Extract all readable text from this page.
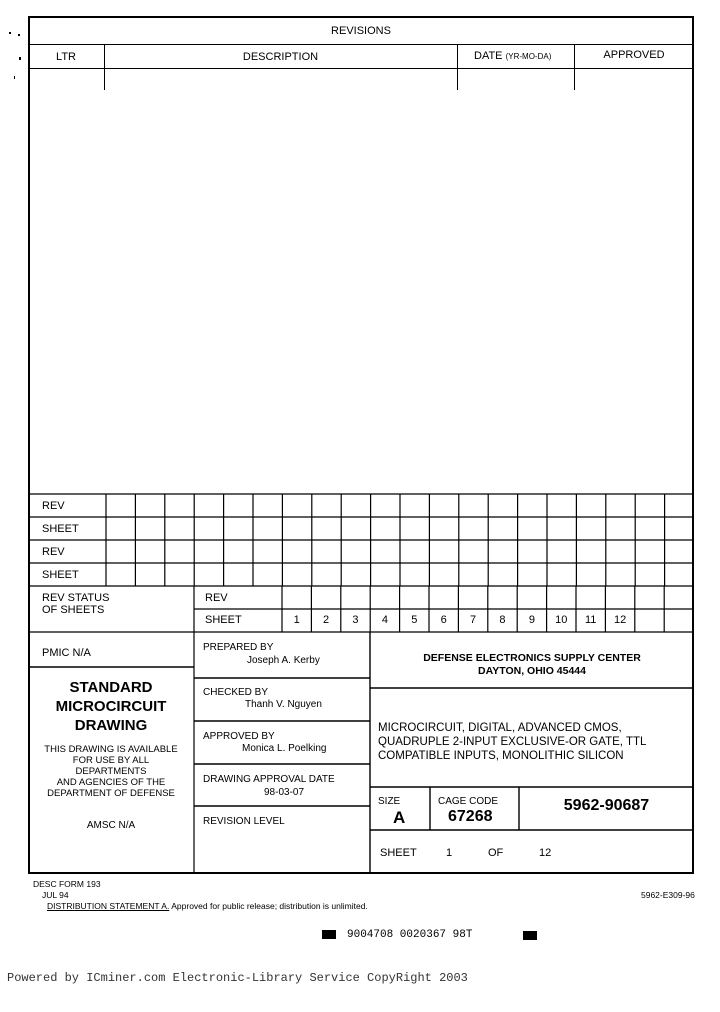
REVISIONS
LTR	DESCRIPTION	DATE (YR-MO-DA)	APPROVED
REV
SHEET
REV
SHEET
REV STATUS
OF SHEETS
REV
SHEET	1	2	3	4	5	6	7	8	9	10	11	12
PMIC N/A
STANDARD
MICROCIRCUIT
DRAWING
THIS DRAWING IS AVAILABLE
FOR USE BY ALL
DEPARTMENTS
AND AGENCIES OF THE
DEPARTMENT OF DEFENSE
AMSC N/A
PREPARED BY
Joseph A. Kerby
CHECKED BY
Thanh V. Nguyen
APPROVED BY
Monica L. Poelking
DRAWING APPROVAL DATE
98-03-07
REVISION LEVEL
DEFENSE ELECTRONICS SUPPLY CENTER
DAYTON, OHIO 45444
MICROCIRCUIT, DIGITAL, ADVANCED CMOS,
QUADRUPLE 2-INPUT EXCLUSIVE-OR GATE, TTL
COMPATIBLE INPUTS, MONOLITHIC SILICON
SIZE
A
CAGE CODE
67268
5962-90687
SHEET	1	OF	12
DESC FORM 193
JUL 94
DISTRIBUTION STATEMENT A. Approved for public release; distribution is unlimited.
5962-E309-96
9004708 0020367 98T
Powered by ICminer.com Electronic-Library Service CopyRight 2003
